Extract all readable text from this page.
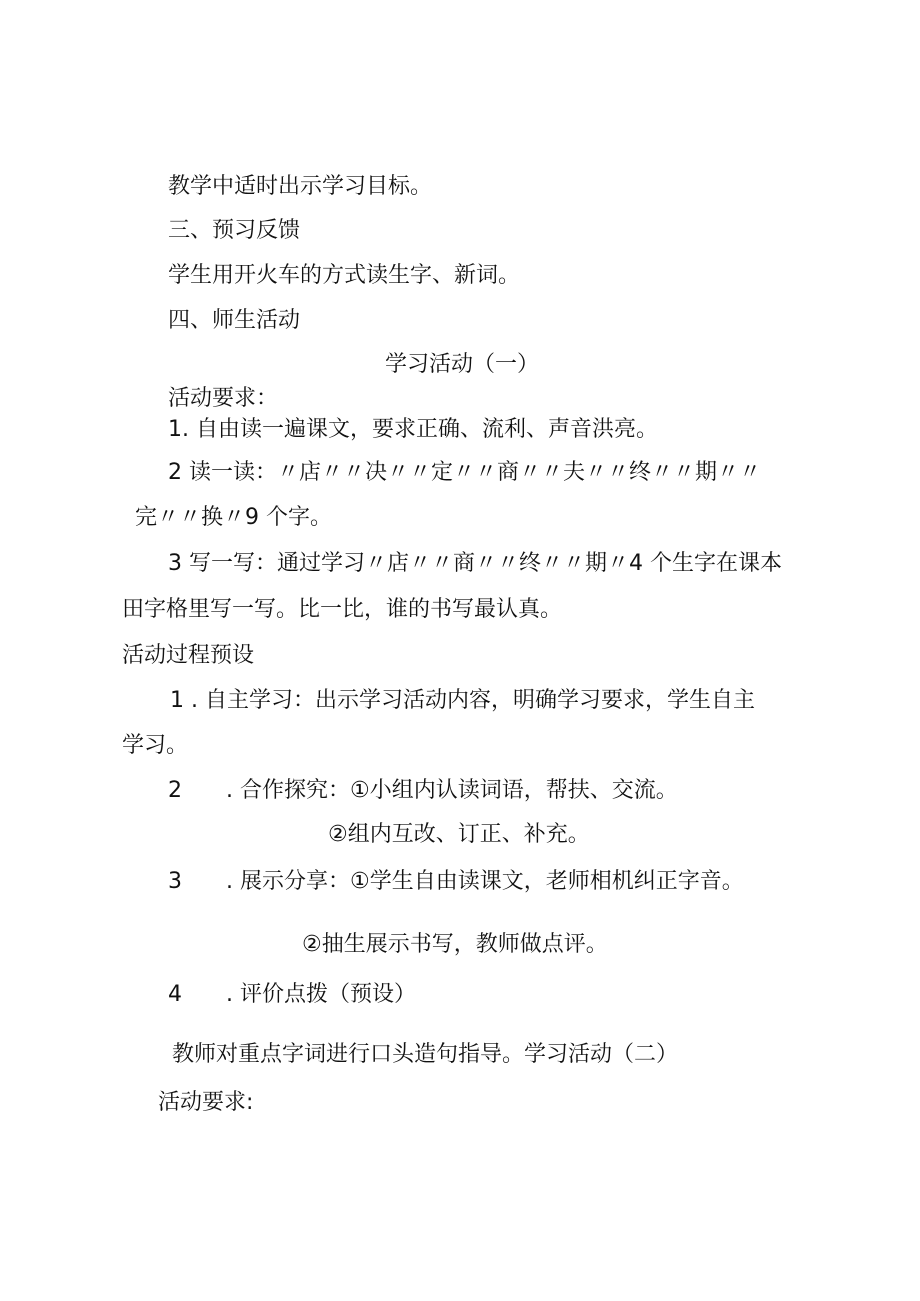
教学中适时出示学习目标。

三、预习反馈

学生用开火车的方式读生字、新词。

四、师生活动

学习活动（一）

活动要求：

1. 自由读一遍课文，要求正确、流利、声音洪亮。

2 读一读：〃店〃〃决〃〃定〃〃商〃〃夫〃〃终〃〃期〃〃

完〃〃换〃9 个字。

3 写一写：通过学习〃店〃〃商〃〃终〃〃期〃4 个生字在课本

田字格里写一写。比一比，谁的书写最认真。

活动过程预设

1 . 自主学习：出示学习活动内容，明确学习要求，学生自主

学习。

2　　. 合作探究：①小组内认读词语，帮扶、交流。

②组内互改、订正、补充。

3　　. 展示分享：①学生自由读课文，老师相机纠正字音。

②抽生展示书写，教师做点评。

4　　. 评价点拨（预设）

教师对重点字词进行口头造句指导。学习活动（二）

活动要求:
